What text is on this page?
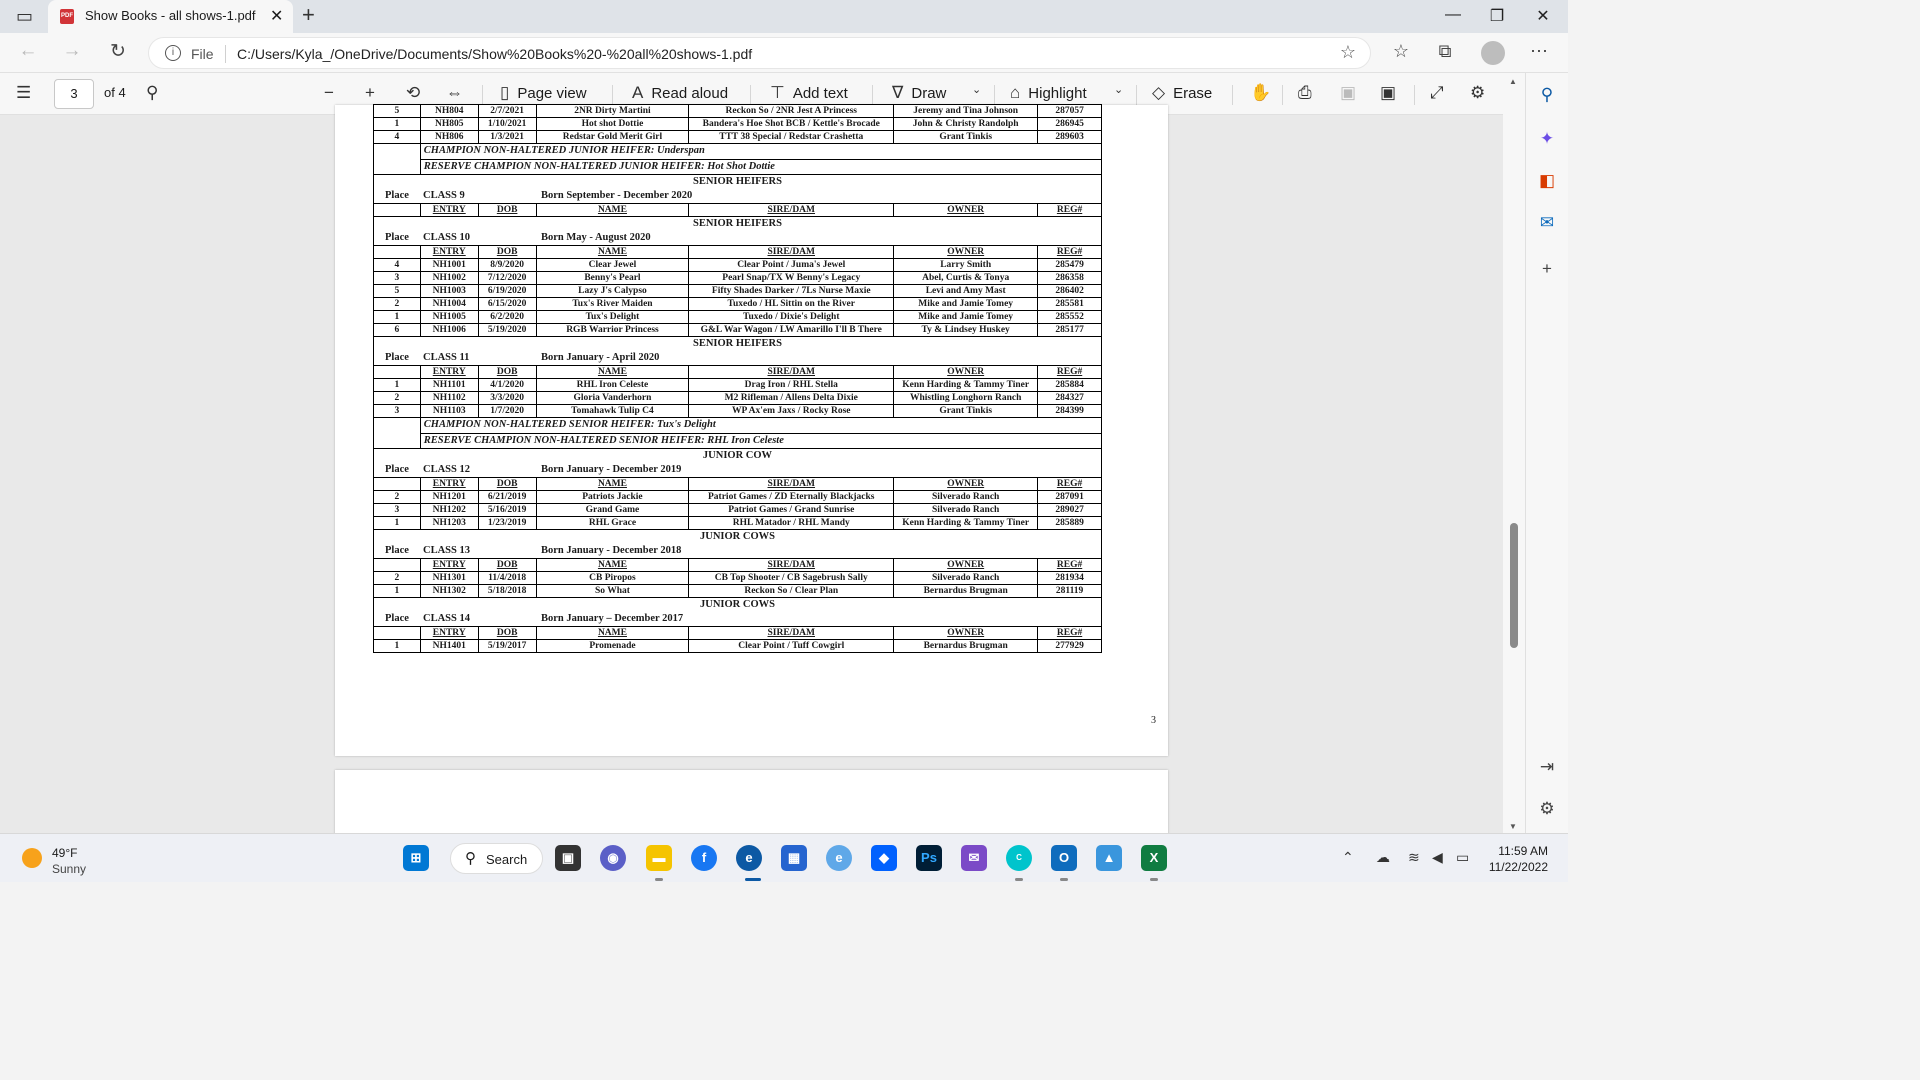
▭	PDF Show Books - all shows-1.pdf ✕ +	—	❐	✕
← →	↻	i	File C:/Users/Kyla_/OneDrive/Documents/Show%20Books%20-%20all%20shows-1.pdf	☆ ☆	⧉	⋯
☰	3	of 4 ⚲	− + ⟲ ⇔ ▯ Page view	A Read aloud ⊤ Add text	∇ Draw ⌄ ⌂ Highlight ⌄ ◇ Erase ✋ ⎙ ▣ ▣ ⤢ ⚙
5	NH804	2/7/2021	2NR Dirty Martini	Reckon So / 2NR Jest A Princess	Jeremy and Tina Johnson	287057
1	NH805	1/10/2021	Hot shot Dottie	Bandera's Hoe Shot BCB / Kettle's Brocade	John & Christy Randolph	286945
4	NH806	1/3/2021	Redstar Gold Merit Girl	TTT 38 Special / Redstar Crashetta	Grant Tinkis	289603
	CHAMPION NON-HALTERED JUNIOR HEIFER: Underspan					
	RESERVE CHAMPION NON-HALTERED JUNIOR HEIFER: Hot Shot Dottie					
SENIOR HEIFERS						
Place CLASS 9 Born September - December 2020						
	ENTRY	DOB	NAME	SIRE/DAM	OWNER	REG#
SENIOR HEIFERS						
Place CLASS 10 Born May - August 2020						
	ENTRY	DOB	NAME	SIRE/DAM	OWNER	REG#
4	NH1001	8/9/2020	Clear Jewel	Clear Point / Juma's Jewel	Larry Smith	285479
3	NH1002	7/12/2020	Benny's Pearl	Pearl Snap/TX W Benny's Legacy	Abel, Curtis & Tonya	286358
5	NH1003	6/19/2020	Lazy J's Calypso	Fifty Shades Darker / 7Ls Nurse Maxie	Levi and Amy Mast	286402
2	NH1004	6/15/2020	Tux's River Maiden	Tuxedo / HL Sittin on the River	Mike and Jamie Tomey	285581
1	NH1005	6/2/2020	Tux's Delight	Tuxedo / Dixie's Delight	Mike and Jamie Tomey	285552
6	NH1006	5/19/2020	RGB Warrior Princess	G&L War Wagon / LW Amarillo I'll B There	Ty & Lindsey Huskey	285177
SENIOR HEIFERS						
Place CLASS 11 Born January - April 2020						
	ENTRY	DOB	NAME	SIRE/DAM	OWNER	REG#
1	NH1101	4/1/2020	RHL Iron Celeste	Drag Iron / RHL Stella	Kenn Harding & Tammy Tiner	285884
2	NH1102	3/3/2020	Gloria Vanderhorn	M2 Rifleman / Allens Delta Dixie	Whistling Longhorn Ranch	284327
3	NH1103	1/7/2020	Tomahawk Tulip C4	WP Ax'em Jaxs / Rocky Rose	Grant Tinkis	284399
	CHAMPION NON-HALTERED SENIOR HEIFER: Tux's Delight					
	RESERVE CHAMPION NON-HALTERED SENIOR HEIFER: RHL Iron Celeste					
JUNIOR COW						
Place CLASS 12 Born January - December 2019						
	ENTRY	DOB	NAME	SIRE/DAM	OWNER	REG#
2	NH1201	6/21/2019	Patriots Jackie	Patriot Games / ZD Eternally Blackjacks	Silverado Ranch	287091
3	NH1202	5/16/2019	Grand Game	Patriot Games / Grand Sunrise	Silverado Ranch	289027
1	NH1203	1/23/2019	RHL Grace	RHL Matador / RHL Mandy	Kenn Harding & Tammy Tiner	285889
JUNIOR COWS						
Place CLASS 13 Born January - December 2018						
	ENTRY	DOB	NAME	SIRE/DAM	OWNER	REG#
2	NH1301	11/4/2018	CB Piropos	CB Top Shooter / CB Sagebrush Sally	Silverado Ranch	281934
1	NH1302	5/18/2018	So What	Reckon So / Clear Plan	Bernardus Brugman	281119
JUNIOR COWS						
Place CLASS 14 Born January – December 2017						
	ENTRY	DOB	NAME	SIRE/DAM	OWNER	REG#
1	NH1401	5/19/2017	Promenade	Clear Point / Tuff Cowgirl	Bernardus Brugman	277929
3
▲
▼
⚲
✦
◧
✉
+
⇥
⚙
49°F
Sunny
⊞	⚲ Search	▣	◉	▬	f	e	▦	e	◆	Ps	✉	C	O	▲	X	⌃ ☁ ≋ ◀ ▭	11:59 AM
11/22/2022
